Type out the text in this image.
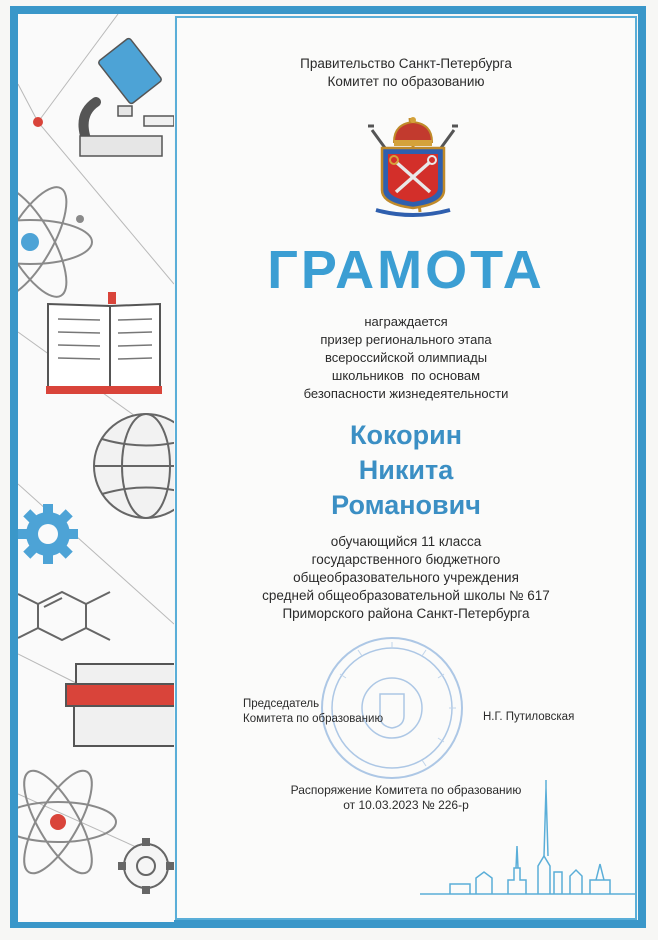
Правительство Санкт-Петербурга
Комитет по образованию
ГРАМОТА
награждается
призер регионального этапа
всероссийской олимпиады
школьников  по основам
безопасности жизнедеятельности
Кокорин
Никита
Романович
обучающийся 11 класса
государственного бюджетного
общеобразовательного учреждения
средней общеобразовательной школы № 617
Приморского района Санкт-Петербурга
Председатель
Комитета по образованию	Н.Г. Путиловская
Распоряжение Комитета по образованию
от 10.03.2023 № 226-р
